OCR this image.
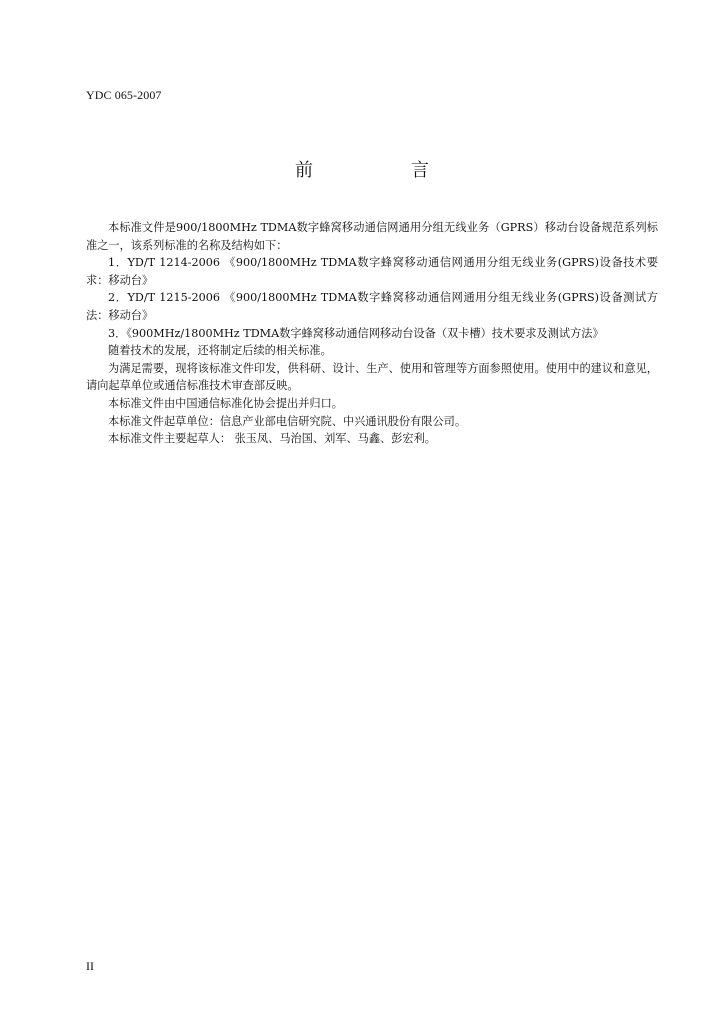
YDC 065-2007
前　言

本标准文件是900/1800MHz TDMA数字蜂窝移动通信网通用分组无线业务（GPRS）移动台设备规范系列标准之一，该系列标准的名称及结构如下：

1．YD/T 1214-2006 《900/1800MHz TDMA数字蜂窝移动通信网通用分组无线业务(GPRS)设备技术要求：移动台》

2．YD/T 1215-2006 《900/1800MHz TDMA数字蜂窝移动通信网通用分组无线业务(GPRS)设备测试方法：移动台》

3．《900MHz/1800MHz TDMA数字蜂窝移动通信网移动台设备（双卡槽）技术要求及测试方法》

随着技术的发展，还将制定后续的相关标准。

为满足需要，现将该标准文件印发，供科研、设计、生产、使用和管理等方面参照使用。使用中的建议和意见，请向起草单位或通信标准技术审查部反映。

本标准文件由中国通信标准化协会提出并归口。

本标准文件起草单位：信息产业部电信研究院、中兴通讯股份有限公司。

本标准文件主要起草人： 张玉凤、马治国、刘军、马鑫、彭宏利。

II
